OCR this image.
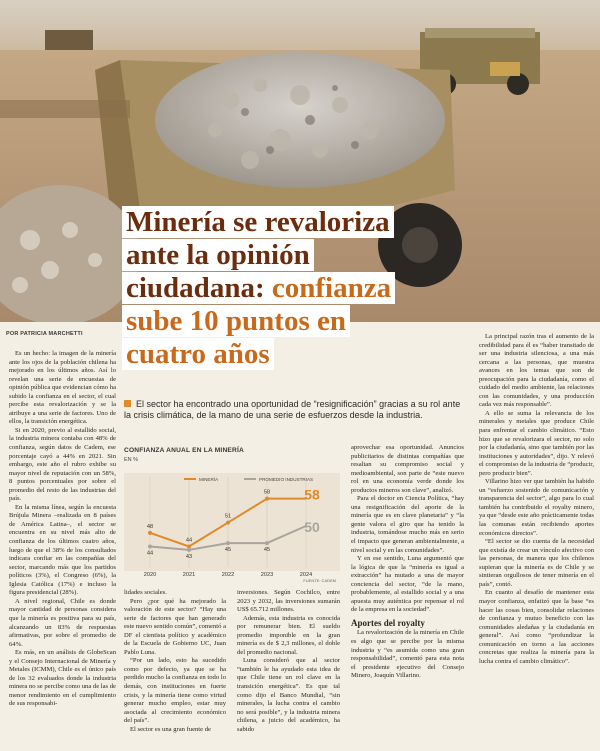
Minería se revaloriza
ante la opinión
ciudadana: confianza
sube 10 puntos en
cuatro años
POR PATRICIA MARCHETTI

Es un hecho: la imagen de la minería ante los ojos de la población chilena ha mejorado en los últimos años. Así lo revelan una serie de encuestas de opinión pública que evidencian cómo ha subido la confianza en el sector, el cual percibe esta revalorización y se la atribuye a una serie de factores. Uno de ellos, la transición energética.

Si en 2020, previo al estallido social, la industria minera contaba con 48% de confianza, según datos de Cadem, ese porcentaje cayó a 44% en 2021. Sin embargo, este año el rubro exhibe su mayor nivel de reputación con un 58%, 8 puntos porcentuales por sobre el promedio del resto de las industrias del país.

En la misma línea, según la encuesta Brújula Minera –realizada en 8 países de América Latina–, el sector se encuentra en su nivel más alto de confianza de los últimos cuatro años, luego de que el 38% de los consultados indicara confiar en las compañías del sector, marcando más que los partidos políticos (3%), el Congreso (6%), la Iglesia Católica (17%) e incluso la figura presidencial (28%).

A nivel regional, Chile es donde mayor cantidad de personas considera que la minería es positiva para su país, alcanzando un 83% de respuestas afirmativas, por sobre el promedio de 64%.

Es más, en un análisis de GlobeScan y el Consejo Internacional de Minería y Metales (ICMM), Chile es el único país de los 32 evaluados donde la industria minera no se percibe como una de las de menor rendimiento en el cumplimiento de sus responsabi-

El sector ha encontrado una oportunidad de “resignificación” gracias a su rol ante la crisis climática, de la mano de una serie de esfuerzos desde la industria.
CONFIANZA ANUAL EN LA MINERÍA
EN %
MINERÍA	PROMEDIO INDUSTRIAS
48
44
51
58 58
44
43
45	45
50
2020	2021	2022	2023	2024
FUENTE: CADEM

lidades sociales.

Pero ¿por qué ha mejorado la valoración de este sector? “Hay una serie de factores que han generado este nuevo sentido común”, comentó a DF el cientista político y académico de la Escuela de Gobierno UC, Juan Pablo Luna.

“Por un lado, esto ha sucedido como por defecto, ya que se ha perdido mucho la confianza en todo lo demás, con instituciones en fuerte crisis, y la minería tiene como virtud generar mucho empleo, estar muy asociada al crecimiento económico del país”.

El sector es una gran fuente de

inversiones. Según Cochilco, entre 2023 y 2032, las inversiones sumarán US$ 65.712 millones.

Además, esta industria es conocida por remunerar bien. El sueldo promedio imponible en la gran minería es de $ 2,3 millones, el doble del promedio nacional.

Luna consideró que al sector “también le ha ayudado esta idea de que Chile tiene un rol clave en la transición energética”. Es que tal como dijo el Banco Mundial, “sin minerales, la lucha contra el cambio no será posible”, y la industria minera chilena, a juicio del académico, ha sabido

aprovechar esa oportunidad. Anuncios publicitarios de distintas compañías que resaltan su compromiso social y medioambiental, son parte de “este nuevo rol en una economía verde donde los productos mineros son clave”, analizó.

Para el doctor en Ciencia Política, “hay una resignificación del aporte de la minería que es en clave planetaria” y “la gente valora el giro que ha tenido la industria, tomándose mucho más en serio el impacto que generan ambientalmente, a nivel social y en las comunidades”.

Y en ese sentido, Luna argumentó que la lógica de que la “minería es igual a extracción” ha mutado a una de mayor conciencia del sector, “de la mano, probablemente, al estallido social y a una apuesta muy auténtica por repensar el rol de la empresa en la sociedad”.

Aportes del royalty

La revalorización de la minería en Chile es algo que se percibe por la misma industria y “es asumida como una gran responsabilidad”, comentó para esta nota el presidente ejecutivo del Consejo Minero, Joaquín Villarino.

La principal razón tras el aumento de la credibilidad para él es “haber transitado de ser una industria silenciosa, a una más cercana a las personas, que muestra avances en los temas que son de preocupación para la ciudadanía, como el cuidado del medio ambiente, las relaciones con las comunidades, y una producción cada vez más responsable”.

A ello se suma la relevancia de los minerales y metales que produce Chile para enfrentar el cambio climático. “Esto hizo que se revalorizara el sector, no solo por la ciudadanía, sino que también por las instituciones y autoridades”, dijo. Y relevó el compromiso de la industria de “producir, pero producir bien”.

Villarino hizo ver que también ha habido un “esfuerzo sostenido de comunicación y transparencia del sector”, algo para lo cual también ha contribuido el royalty minero, ya que “desde este año prácticamente todas las comunas están recibiendo aportes económicos directos”.

“El sector se dio cuenta de la necesidad que existía de crear un vínculo afectivo con las personas, de manera que los chilenos supieran que la minería es de Chile y se sintieran orgullosos de tener minería en el país”, contó.

En cuanto al desafío de mantener esta mayor confianza, enfatizó que la base “es hacer las cosas bien, consolidar relaciones de confianza y mutuo beneficio con las comunidades aledañas y la ciudadanía en general”. Así como “profundizar la comunicación en torno a las acciones concretas que realiza la minería para la lucha contra el cambio climático”.
